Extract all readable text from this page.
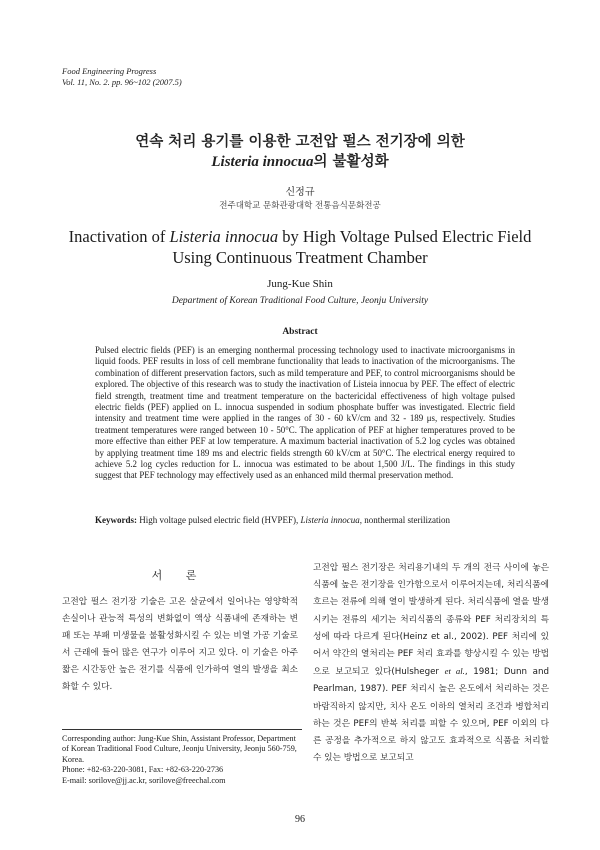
Food Engineering Progress
Vol. 11, No. 2. pp. 96~102 (2007.5)
연속 처리 용기를 이용한 고전압 펄스 전기장에 의한
Listeria innocua의 불활성화
신정규
전주대학교 문화관광대학 전통음식문화전공
Inactivation of Listeria innocua by High Voltage Pulsed Electric Field
Using Continuous Treatment Chamber
Jung-Kue Shin
Department of Korean Traditional Food Culture, Jeonju University
Abstract
Pulsed electric fields (PEF) is an emerging nonthermal processing technology used to inactivate microorganisms in liquid foods. PEF results in loss of cell membrane functionality that leads to inactivation of the microorganisms. The combination of different preservation factors, such as mild temperature and PEF, to control microorganisms should be explored. The objective of this research was to study the inactivation of Listeia innocua by PEF. The effect of electric field strength, treatment time and treatment temperature on the bactericidal effectiveness of high voltage pulsed electric fields (PEF) applied on L. innocua suspended in sodium phosphate buffer was investigated. Electric field intensity and treatment time were applied in the ranges of 30 - 60 kV/cm and 32 - 189 μs, respectively. Studies treatment temperatures were ranged between 10 - 50°C. The application of PEF at higher temperatures proved to be more effective than either PEF at low temperature. A maximum bacterial inactivation of 5.2 log cycles was obtained by applying treatment time 189 ms and electric fields strength 60 kV/cm at 50°C. The electrical energy required to achieve 5.2 log cycles reduction for L. innocua was estimated to be about 1,500 J/L. The findings in this study suggest that PEF technology may effectively used as an enhanced mild thermal preservation method.
Keywords: High voltage pulsed electric field (HVPEF), Listeria innocua, nonthermal sterilization
서 론
고전압 펄스 전기장 기술은 고온 살균에서 일어나는 영양학적 손실이나 관능적 특성의 변화없이 액상 식품내에 존재하는 변패 또는 부패 미생물을 불활성화시킬 수 있는 비열 가공 기술로서 근래에 들어 많은 연구가 이루어 지고 있다. 이 기술은 아주 짧은 시간동안 높은 전기를 식품에 인가하여 열의 발생을 최소화할 수 있다.
고전압 펄스 전기장은 처리용기내의 두 개의 전극 사이에 놓은 식품에 높은 전기장을 인가함으로서 이루어지는데, 처리식품에 흐르는 전류에 의해 열이 발생하게 된다. 처리식품에 열을 발생시키는 전류의 세기는 처리식품의 종류와 PEF 처리장치의 특성에 따라 다르게 된다(Heinz et al., 2002). PEF 처리에 있어서 약간의 열처리는 PEF 처리 효과를 향상시킬 수 있는 방법으로 보고되고 있다(Hulsheger et al., 1981; Dunn and Pearlman, 1987). PEF 처리시 높은 온도에서 처리하는 것은 바람직하지 않지만, 치사 온도 이하의 열처리 조건과 병합처리하는 것은 PEF의 반복 처리를 피할 수 있으며, PEF 이외의 다른 공정을 추가적으로 하지 않고도 효과적으로 식품을 처리할 수 있는 방법으로 보고되고
Corresponding author: Jung-Kue Shin, Assistant Professor, Department of Korean Traditional Food Culture, Jeonju University, Jeonju 560-759, Korea.
Phone: +82-63-220-3081, Fax: +82-63-220-2736
E-mail: sorilove@jj.ac.kr, sorilove@freechal.com
96
